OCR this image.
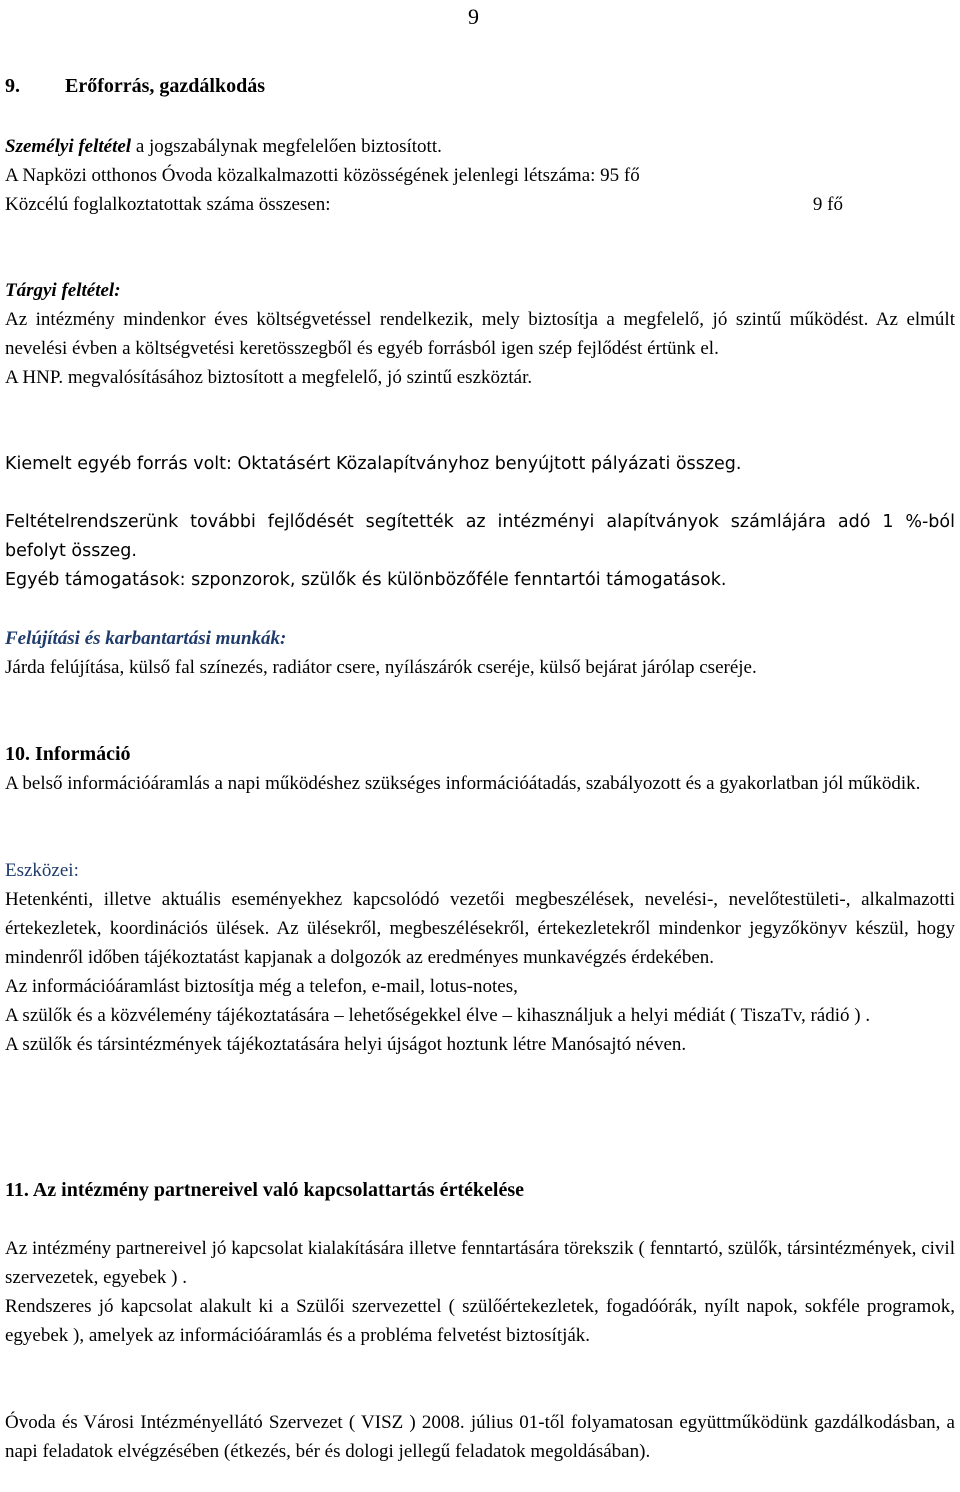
9
9. Erőforrás, gazdálkodás
Személyi feltétel a jogszabálynak megfelelően biztosított.
A Napközi otthonos Óvoda közalkalmazotti közösségének jelenlegi létszáma: 95 fő
Közcélú foglalkoztatottak száma összesen:	9 fő
Tárgyi feltétel:
Az intézmény mindenkor éves költségvetéssel rendelkezik, mely biztosítja a megfelelő, jó szintű működést. Az elmúlt nevelési évben a költségvetési keretösszegből és egyéb forrásból igen szép fejlődést értünk el.
A HNP. megvalósításához biztosított a megfelelő, jó szintű eszköztár.
Kiemelt egyéb forrás volt: Oktatásért Közalapítványhoz benyújtott pályázati összeg.
Feltételrendszerünk további fejlődését segítették az intézményi alapítványok számlájára adó 1 %-ból befolyt összeg.
Egyéb támogatások: szponzorok, szülők és különbözőféle fenntartói támogatások.
Felújítási és karbantartási munkák:
Járda felújítása, külső fal színezés, radiátor csere, nyílászárók cseréje, külső bejárat járólap cseréje.
10. Információ
A belső információáramlás a napi működéshez szükséges információátadás, szabályozott és a gyakorlatban jól működik.
Eszközei:
Hetenkénti, illetve aktuális eseményekhez kapcsolódó vezetői megbeszélések, nevelési-, nevelőtestületi-, alkalmazotti értekezletek, koordinációs ülések. Az ülésekről, megbeszélésekről, értekezletekről mindenkor jegyzőkönyv készül, hogy mindenről időben tájékoztatást kapjanak a dolgozók az eredményes munkavégzés érdekében.
Az információáramlást biztosítja még a telefon, e-mail, lotus-notes,
A szülők és a közvélemény tájékoztatására – lehetőségekkel élve – kihasználjuk a helyi médiát ( TiszaTv, rádió ) .
A szülők és társintézmények tájékoztatására helyi újságot hoztunk létre Manósajtó néven.
11. Az intézmény partnereivel való kapcsolattartás értékelése
Az intézmény partnereivel jó kapcsolat kialakítására illetve fenntartására törekszik ( fenntartó, szülők, társintézmények, civil szervezetek, egyebek ) .
Rendszeres jó kapcsolat alakult ki a Szülői szervezettel ( szülőértekezletek, fogadóórák, nyílt napok, sokféle programok, egyebek ), amelyek az információáramlás és a probléma felvetést biztosítják.
Óvoda és Városi Intézményellátó Szervezet ( VISZ ) 2008. július 01-től folyamatosan együttműködünk gazdálkodásban, a napi feladatok elvégzésében (étkezés, bér és dologi jellegű feladatok megoldásában).
